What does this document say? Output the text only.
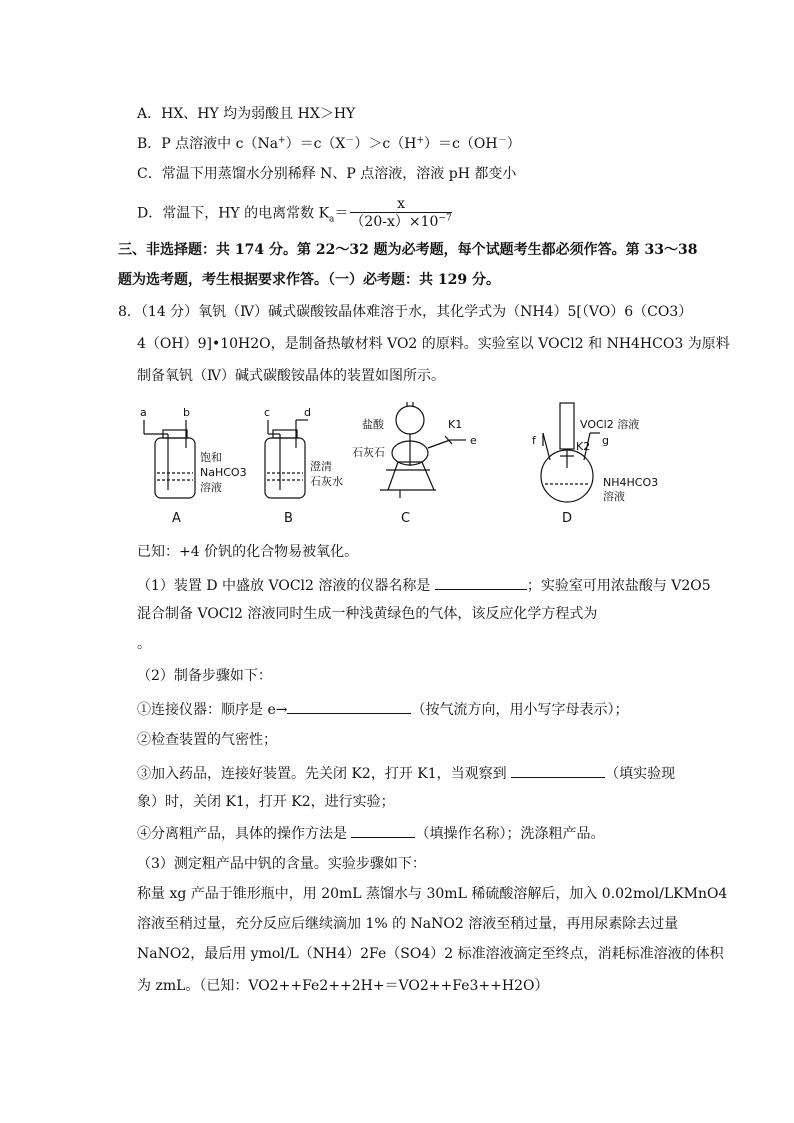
A．HX、HY 均为弱酸且 HX＞HY
B．P 点溶液中 c（Na+）＝c（X－）＞c（H+）＝c（OH－）
C．常温下用蒸馏水分别稀释 N、P 点溶液，溶液 pH 都变小
D．常温下，HY 的电离常数 $K_a= \frac{x}{(20-x)\times 10^{-7}}$
三、非选择题：共 174 分。第 22～32 题为必考题，每个试题考生都必须作答。第 33～38
题为选考题，考生根据要求作答。（一）必考题：共 129 分。
8．（14 分）氧钒（Ⅳ）碱式碳酸铵晶体难溶于水，其化学式为（NH4）5[（VO）6（CO3）
4（OH）9]•10H2O，是制备热敏材料 VO2 的原料。实验室以 VOCl2 和 NH4HCO3 为原料
制备氧钒（Ⅳ）碱式碳酸铵晶体的装置如图所示。
a	b	c	d
e	f	g
饱和
NaHCO3
溶液
澄清
石灰水
盐酸
石灰石
K1	VOCl2 溶液
K2
NH4HCO3
溶液
A	B	C	D
已知：+4 价钒的化合物易被氧化。
（1）装置 D 中盛放 VOCl2 溶液的仪器名称是	；实验室可用浓盐酸与 V2O5
混合制备 VOCl2 溶液同时生成一种浅黄绿色的气体，该反应化学方程式为
。
（2）制备步骤如下：
①连接仪器：顺序是 e→	（按气流方向，用小写字母表示）；
②检查装置的气密性；
③加入药品，连接好装置。先关闭 K2，打开 K1，当观察到	（填实验现
象）时，关闭 K1，打开 K2，进行实验；
④分离粗产品，具体的操作方法是	（填操作名称）；洗涤粗产品。
（3）测定粗产品中钒的含量。实验步骤如下：
称量 xg 产品于锥形瓶中，用 20mL 蒸馏水与 30mL 稀硫酸溶解后，加入 0.02mol/LKMnO4
溶液至稍过量，充分反应后继续滴加 1% 的 NaNO2 溶液至稍过量，再用尿素除去过量
NaNO2，最后用 ymol/L（NH4）2Fe（SO4）2 标准溶液滴定至终点，消耗标准溶液的体积
为 zmL。（已知：VO2++Fe2++2H+＝VO2++Fe3++H2O）
